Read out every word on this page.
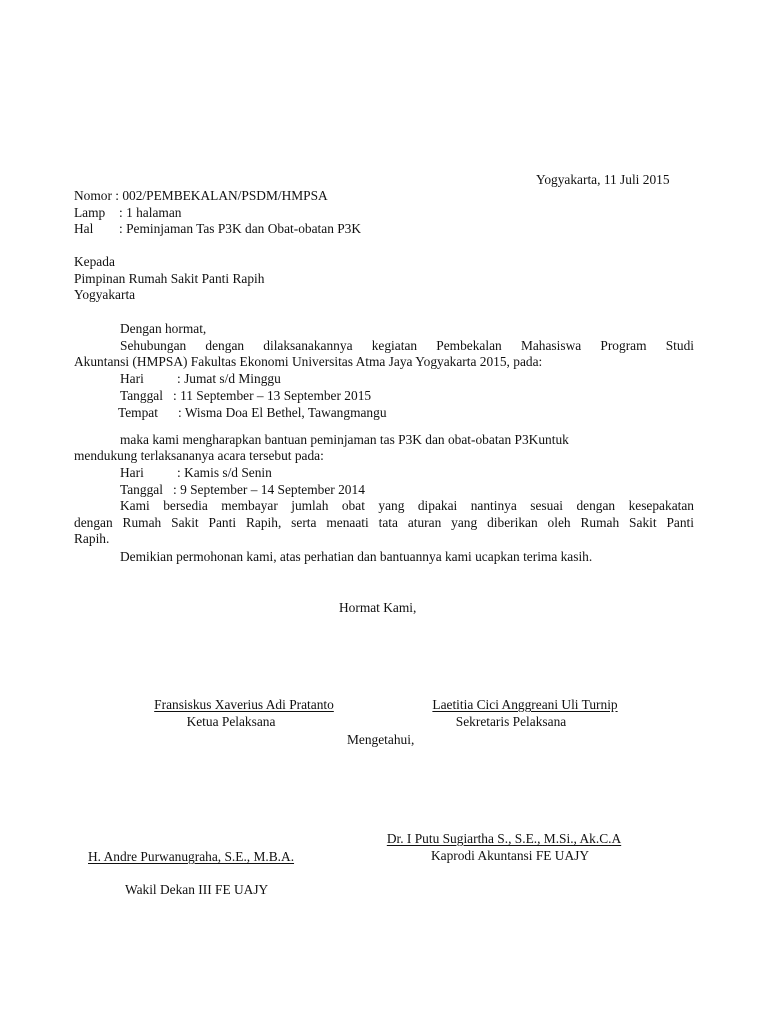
Yogyakarta, 11 Juli 2015
Nomor : 002/PEMBEKALAN/PSDM/HMPSA
Lamp : 1 halaman
Hal : Peminjaman Tas P3K dan Obat-obatan P3K
Kepada
Pimpinan Rumah Sakit Panti Rapih
Yogyakarta
Dengan hormat,
Sehubungan dengan dilaksanakannya kegiatan Pembekalan Mahasiswa Program Studi
Akuntansi (HMPSA) Fakultas Ekonomi Universitas Atma Jaya Yogyakarta 2015, pada:
Hari : Jumat s/d Minggu
Tanggal : 11 September – 13 September 2015
Tempat : Wisma Doa El Bethel, Tawangmangu
maka kami mengharapkan bantuan peminjaman tas P3K dan obat-obatan P3Kuntuk
mendukung terlaksananya acara tersebut pada:
Hari : Kamis s/d Senin
Tanggal : 9 September – 14 September 2014
Kami bersedia membayar jumlah obat yang dipakai nantinya sesuai dengan kesepakatan
dengan Rumah Sakit Panti Rapih, serta menaati tata aturan yang diberikan oleh Rumah Sakit Panti
Rapih.
Demikian permohonan kami, atas perhatian dan bantuannya kami ucapkan terima kasih.
Hormat Kami,
Fransiskus Xaverius Adi Pratanto
Ketua Pelaksana
Laetitia Cici Anggreani Uli Turnip
Sekretaris Pelaksana
Mengetahui,
Dr. I Putu Sugiartha S., S.E., M.Si., Ak.C.A
Kaprodi Akuntansi FE UAJY
H. Andre Purwanugraha, S.E., M.B.A.
Wakil Dekan III FE UAJY
